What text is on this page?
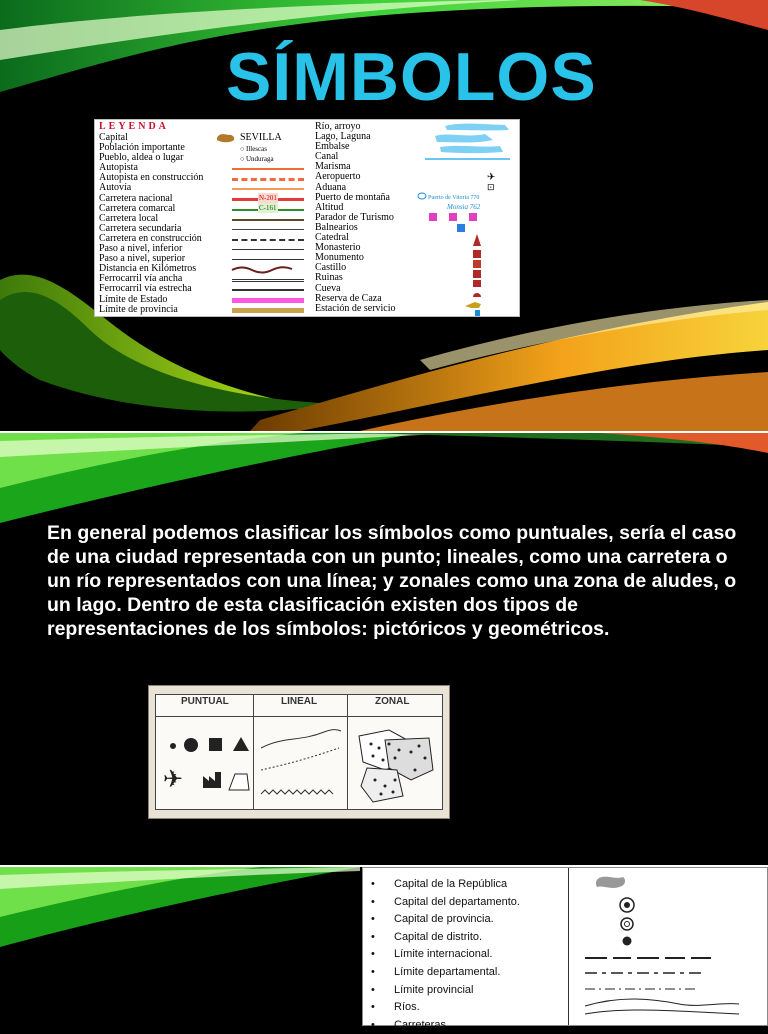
SÍMBOLOS
LEYENDA
Capital
Población importante
Pueblo, aldea o lugar
Autopista
Autopista en construcción
Autovía
Carretera nacional
Carretera comarcal
Carretera local
Carretera secundaria
Carretera en construcción
Paso a nivel, inferior
Paso a nivel, superior
Distancia en Kilómetros
Ferrocarril vía ancha
Ferrocarril vía estrecha
Límite de Estado
Límite de provincia
SEVILLA
○ Illescas
○ Unduraga
N-201
C-161
Río, arroyo
Lago, Laguna
Embalse
Canal
Marisma
Aeropuerto
Aduana
Puerto de montaña
Altitud
Parador de Turismo
Balnearios
Catedral
Monasterio
Monumento
Castillo
Ruinas
Cueva
Reserva de Caza
Estación de servicio
✈
⊡
Puerto de Vitoria 770
Monsia 762

En general podemos clasificar los símbolos como puntuales, sería el caso de una ciudad representada con un punto; lineales, como una carretera o un río representados con una línea; y zonales como una zona de aludes, o un lago. Dentro de esta clasificación existen dos tipos de representaciones de los símbolos: pictóricos y geométricos.

PUNTUAL	LINEAL	ZONAL
✈
• Capital de la República
• Capital del departamento.
• Capital de provincia.
• Capital de distrito.
• Límite internacional.
• Límite departamental.
• Límite provincial
• Ríos.
• Carreteras
